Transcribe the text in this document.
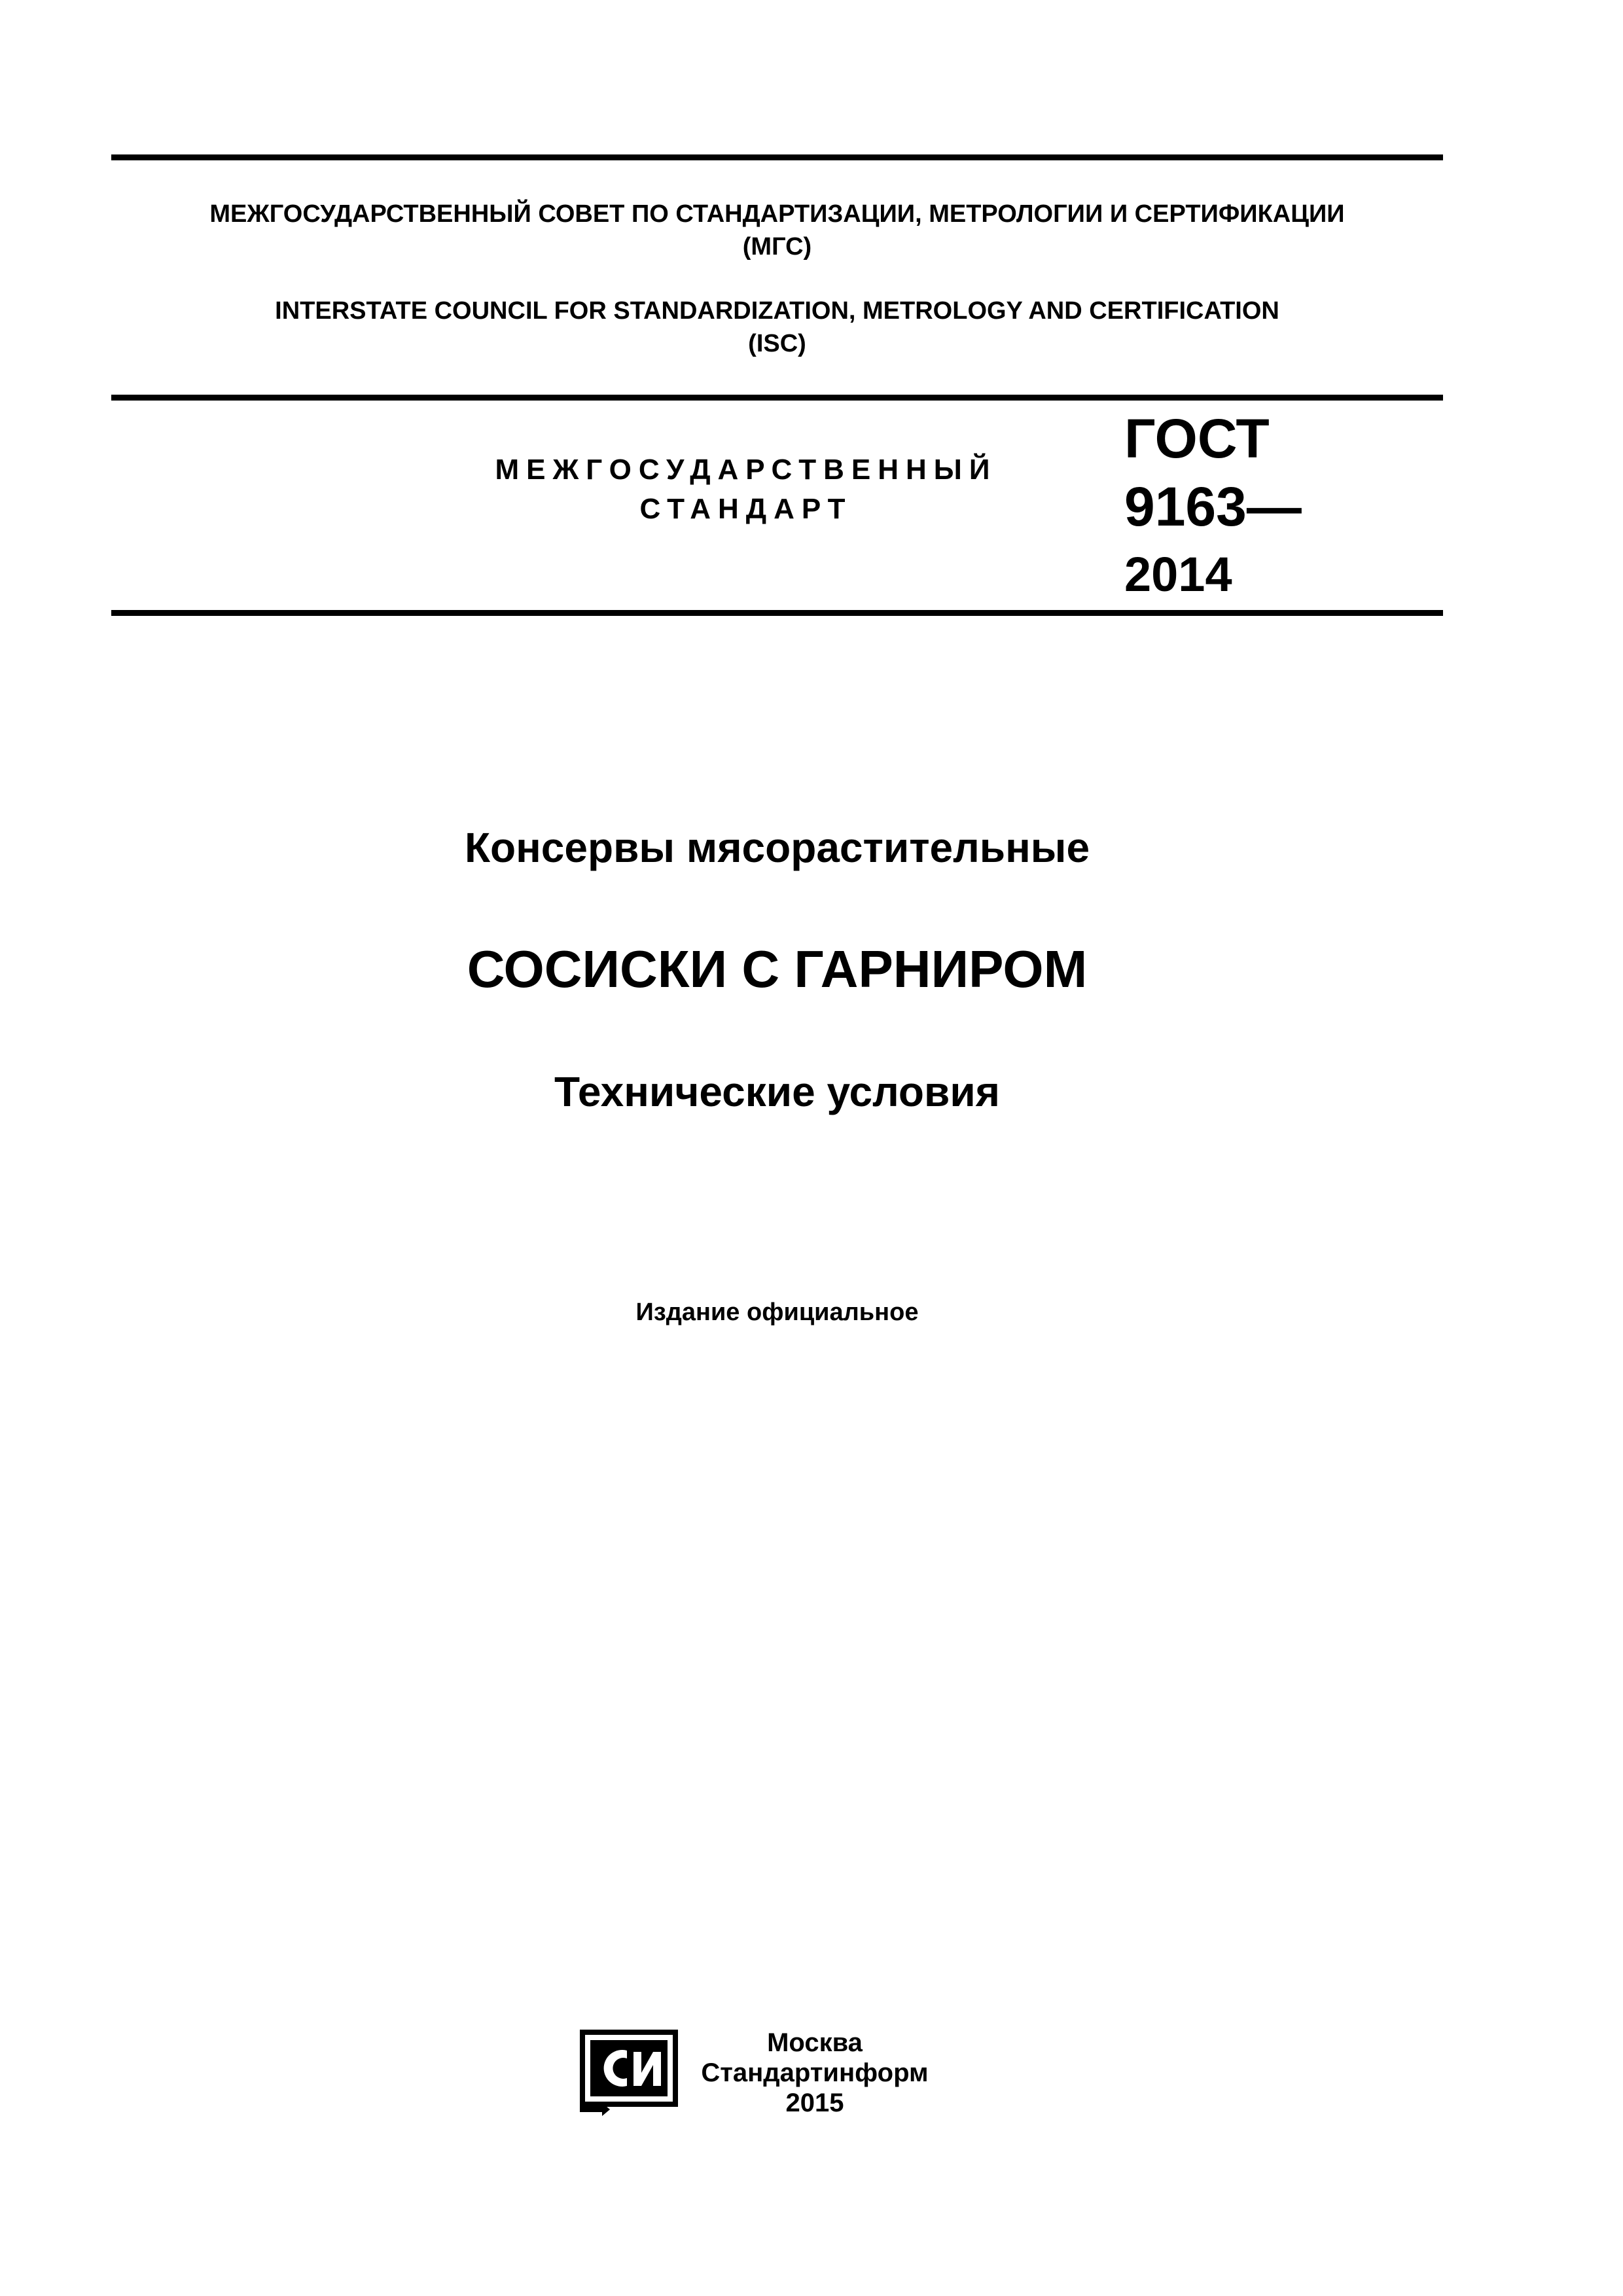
МЕЖГОСУДАРСТВЕННЫЙ СОВЕТ ПО СТАНДАРТИЗАЦИИ, МЕТРОЛОГИИ И СЕРТИФИКАЦИИ
(МГС)

INTERSTATE COUNCIL FOR STANDARDIZATION, METROLOGY AND CERTIFICATION
(ISC)

МЕЖГОСУДАРСТВЕННЫЙ
СТАНДАРТ
ГОСТ
9163—
2014
Консервы мясорастительные
СОСИСКИ С ГАРНИРОМ
Технические условия
Издание официальное
Москва
Стандартинформ
2015
